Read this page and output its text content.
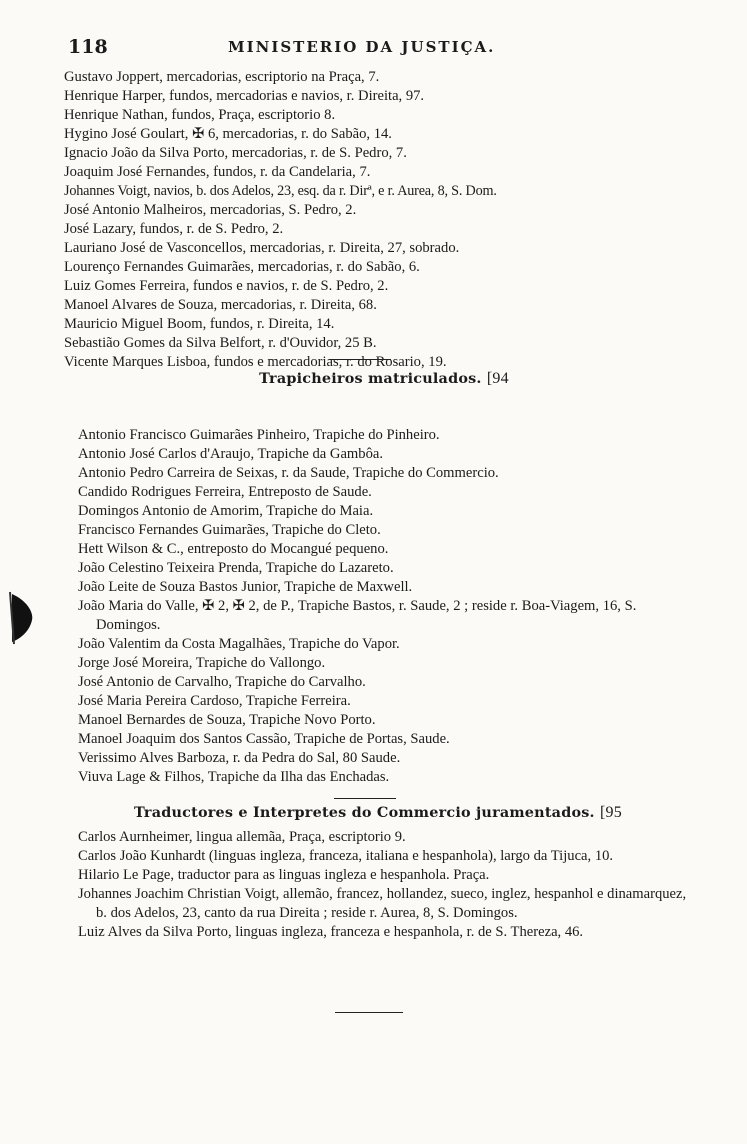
118	MINISTERIO DA JUSTIÇA.
Gustavo Joppert, mercadorias, escriptorio na Praça, 7.
Henrique Harper, fundos, mercadorias e navios, r. Direita, 97.
Henrique Nathan, fundos, Praça, escriptorio 8.
Hygino José Goulart, ✠ 6, mercadorias, r. do Sabão, 14.
Ignacio João da Silva Porto, mercadorias, r. de S. Pedro, 7.
Joaquim José Fernandes, fundos, r. da Candelaria, 7.
Johannes Voigt, navios, b. dos Adelos, 23, esq. da r. Dirª, e r. Aurea, 8, S. Dom.
José Antonio Malheiros, mercadorias, S. Pedro, 2.
José Lazary, fundos, r. de S. Pedro, 2.
Lauriano José de Vasconcellos, mercadorias, r. Direita, 27, sobrado.
Lourenço Fernandes Guimarães, mercadorias, r. do Sabão, 6.
Luiz Gomes Ferreira, fundos e navios, r. de S. Pedro, 2.
Manoel Alvares de Souza, mercadorias, r. Direita, 68.
Mauricio Miguel Boom, fundos, r. Direita, 14.
Sebastião Gomes da Silva Belfort, r. d'Ouvidor, 25 B.
Vicente Marques Lisboa, fundos e mercadorias, r. do Rosario, 19.
Trapicheiros matriculados. [94
Antonio Francisco Guimarães Pinheiro, Trapiche do Pinheiro.
Antonio José Carlos d'Araujo, Trapiche da Gambôa.
Antonio Pedro Carreira de Seixas, r. da Saude, Trapiche do Commercio.
Candido Rodrigues Ferreira, Entreposto de Saude.
Domingos Antonio de Amorim, Trapiche do Maia.
Francisco Fernandes Guimarães, Trapiche do Cleto.
Hett Wilson & C., entreposto do Mocangué pequeno.
João Celestino Teixeira Prenda, Trapiche do Lazareto.
João Leite de Souza Bastos Junior, Trapiche de Maxwell.
João Maria do Valle, ✠ 2, ✠ 2, de P., Trapiche Bastos, r. Saude, 2 ; reside r. Boa-Viagem, 16, S. Domingos.
João Valentim da Costa Magalhães, Trapiche do Vapor.
Jorge José Moreira, Trapiche do Vallongo.
José Antonio de Carvalho, Trapiche do Carvalho.
José Maria Pereira Cardoso, Trapiche Ferreira.
Manoel Bernardes de Souza, Trapiche Novo Porto.
Manoel Joaquim dos Santos Cassão, Trapiche de Portas, Saude.
Verissimo Alves Barboza, r. da Pedra do Sal, 80 Saude.
Viuva Lage & Filhos, Trapiche da Ilha das Enchadas.
Traductores e Interpretes do Commercio juramentados. [95
Carlos Aurnheimer, lingua allemãa, Praça, escriptorio 9.
Carlos João Kunhardt (linguas ingleza, franceza, italiana e hespanhola), largo da Tijuca, 10.
Hilario Le Page, traductor para as linguas ingleza e hespanhola. Praça.
Johannes Joachim Christian Voigt, allemão, francez, hollandez, sueco, inglez, hespanhol e dinamarquez, b. dos Adelos, 23, canto da rua Direita ; reside r. Aurea, 8, S. Domingos.
Luiz Alves da Silva Porto, linguas ingleza, franceza e hespanhola, r. de S. Thereza, 46.
